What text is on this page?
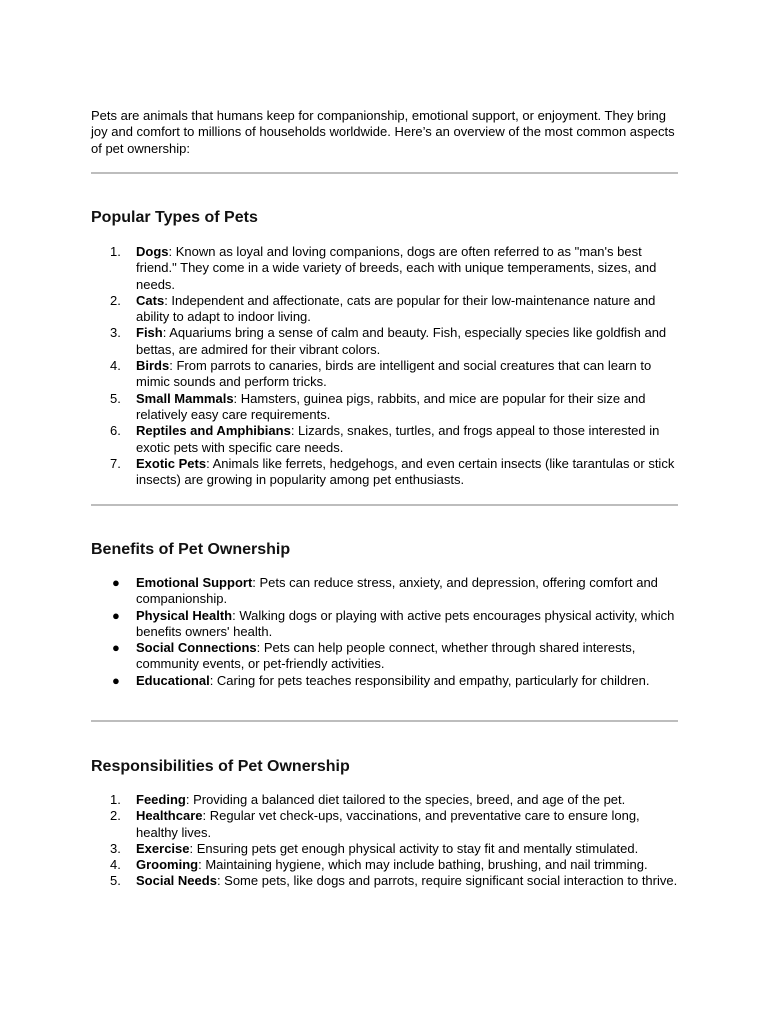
Pets are animals that humans keep for companionship, emotional support, or enjoyment. They bring joy and comfort to millions of households worldwide. Here’s an overview of the most common aspects of pet ownership:

Popular Types of Pets
1.	Dogs: Known as loyal and loving companions, dogs are often referred to as "man's best friend." They come in a wide variety of breeds, each with unique temperaments, sizes, and needs.
2.	Cats: Independent and affectionate, cats are popular for their low-maintenance nature and ability to adapt to indoor living.
3.	Fish: Aquariums bring a sense of calm and beauty. Fish, especially species like goldfish and bettas, are admired for their vibrant colors.
4.	Birds: From parrots to canaries, birds are intelligent and social creatures that can learn to mimic sounds and perform tricks.
5.	Small Mammals: Hamsters, guinea pigs, rabbits, and mice are popular for their size and relatively easy care requirements.
6.	Reptiles and Amphibians: Lizards, snakes, turtles, and frogs appeal to those interested in exotic pets with specific care needs.
7.	Exotic Pets: Animals like ferrets, hedgehogs, and even certain insects (like tarantulas or stick insects) are growing in popularity among pet enthusiasts.
Benefits of Pet Ownership
● Emotional Support: Pets can reduce stress, anxiety, and depression, offering comfort and companionship.
● Physical Health: Walking dogs or playing with active pets encourages physical activity, which benefits owners' health.
● Social Connections: Pets can help people connect, whether through shared interests, community events, or pet-friendly activities.
● Educational: Caring for pets teaches responsibility and empathy, particularly for children.
Responsibilities of Pet Ownership
1.	Feeding: Providing a balanced diet tailored to the species, breed, and age of the pet.
2.	Healthcare: Regular vet check-ups, vaccinations, and preventative care to ensure long, healthy lives.
3.	Exercise: Ensuring pets get enough physical activity to stay fit and mentally stimulated.
4.	Grooming: Maintaining hygiene, which may include bathing, brushing, and nail trimming.
5.	Social Needs: Some pets, like dogs and parrots, require significant social interaction to thrive.
